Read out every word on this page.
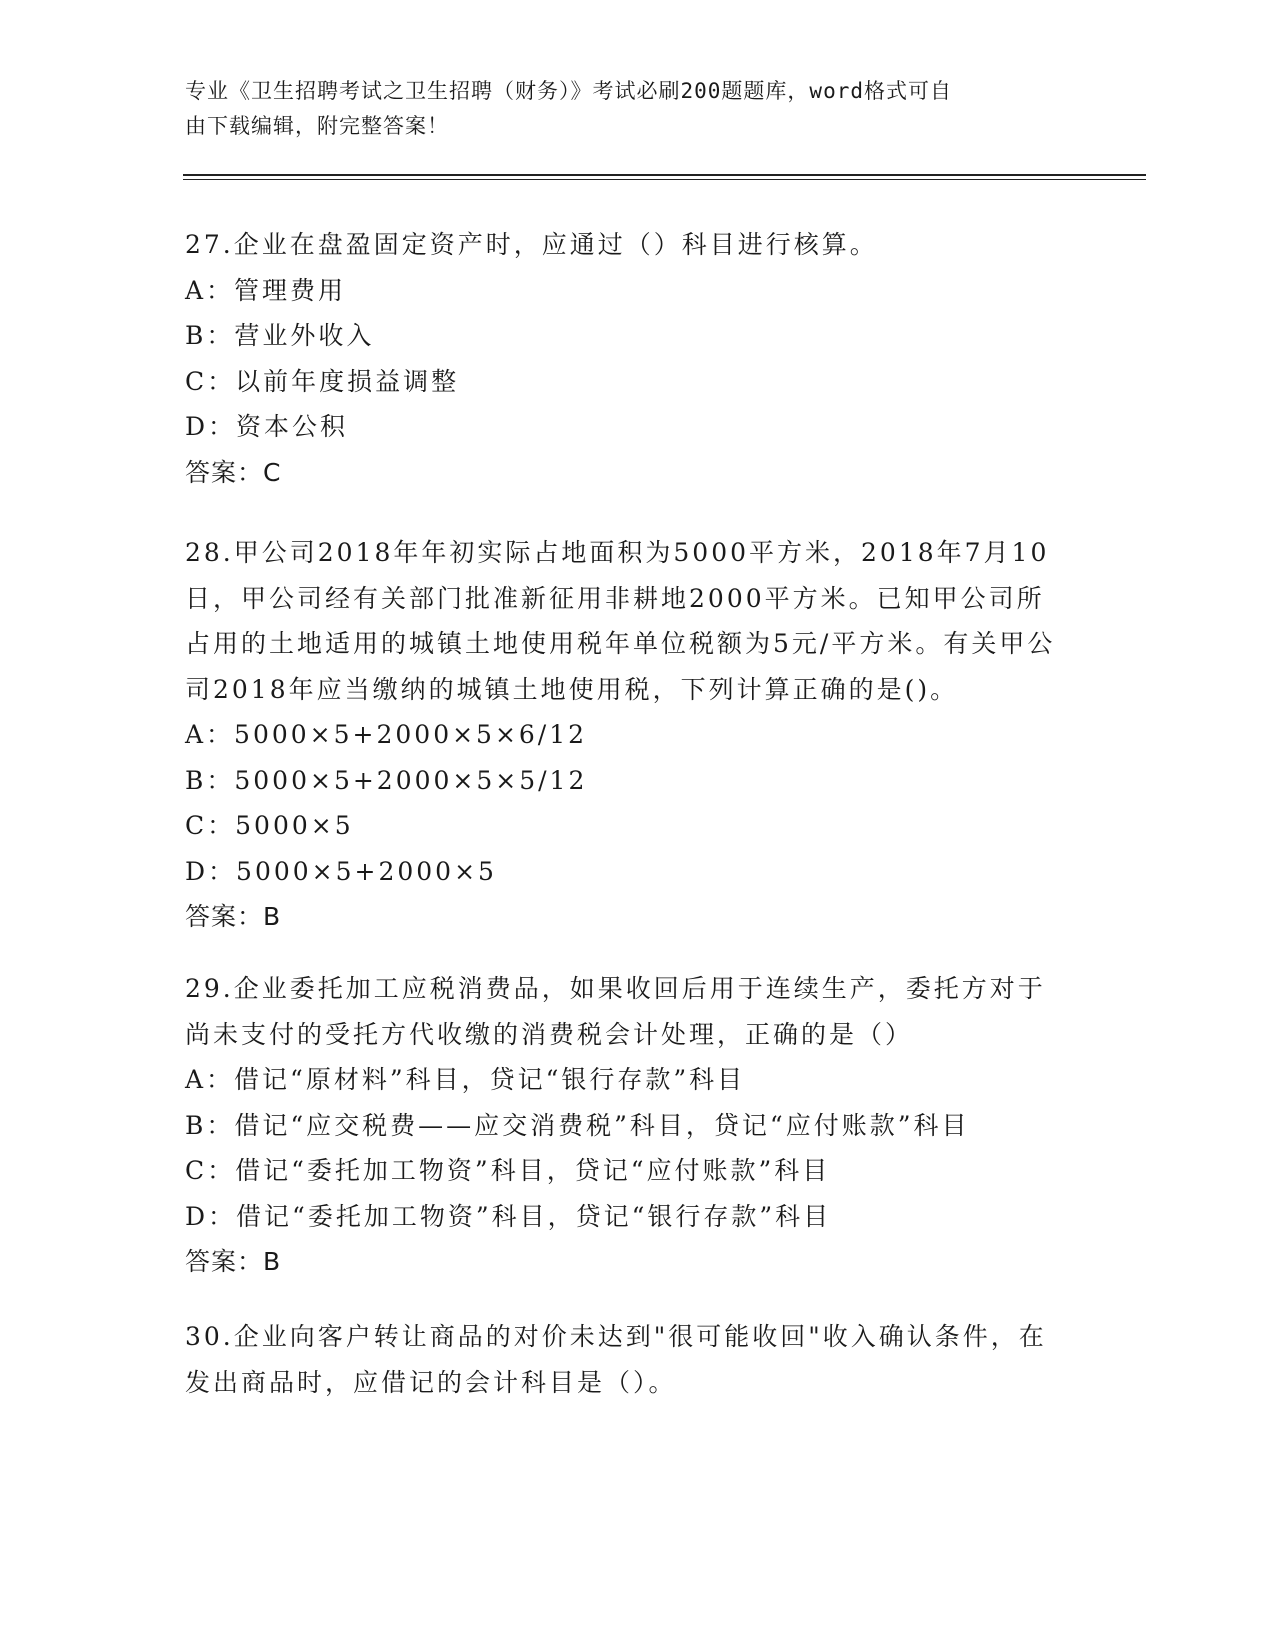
专业《卫生招聘考试之卫生招聘（财务）》考试必刷200题题库，word格式可自
由下载编辑，附完整答案！

27.企业在盘盈固定资产时，应通过（）科目进行核算。

A：管理费用

B：营业外收入

C：以前年度损益调整

D：资本公积

答案：C

28.甲公司2018年年初实际占地面积为5000平方米，2018年7月10日，甲公司经有关部门批准新征用非耕地2000平方米。已知甲公司所占用的土地适用的城镇土地使用税年单位税额为5元/平方米。有关甲公司2018年应当缴纳的城镇土地使用税，下列计算正确的是()。

A：5000×5+2000×5×6/12

B：5000×5+2000×5×5/12

C：5000×5

D：5000×5+2000×5

答案：B

29.企业委托加工应税消费品，如果收回后用于连续生产，委托方对于尚未支付的受托方代收缴的消费税会计处理，正确的是（）

A：借记“原材料”科目，贷记“银行存款”科目

B：借记“应交税费——应交消费税”科目，贷记“应付账款”科目

C：借记“委托加工物资”科目，贷记“应付账款”科目

D：借记“委托加工物资”科目，贷记“银行存款”科目

答案：B

30.企业向客户转让商品的对价未达到"很可能收回"收入确认条件，在发出商品时，应借记的会计科目是（）。
